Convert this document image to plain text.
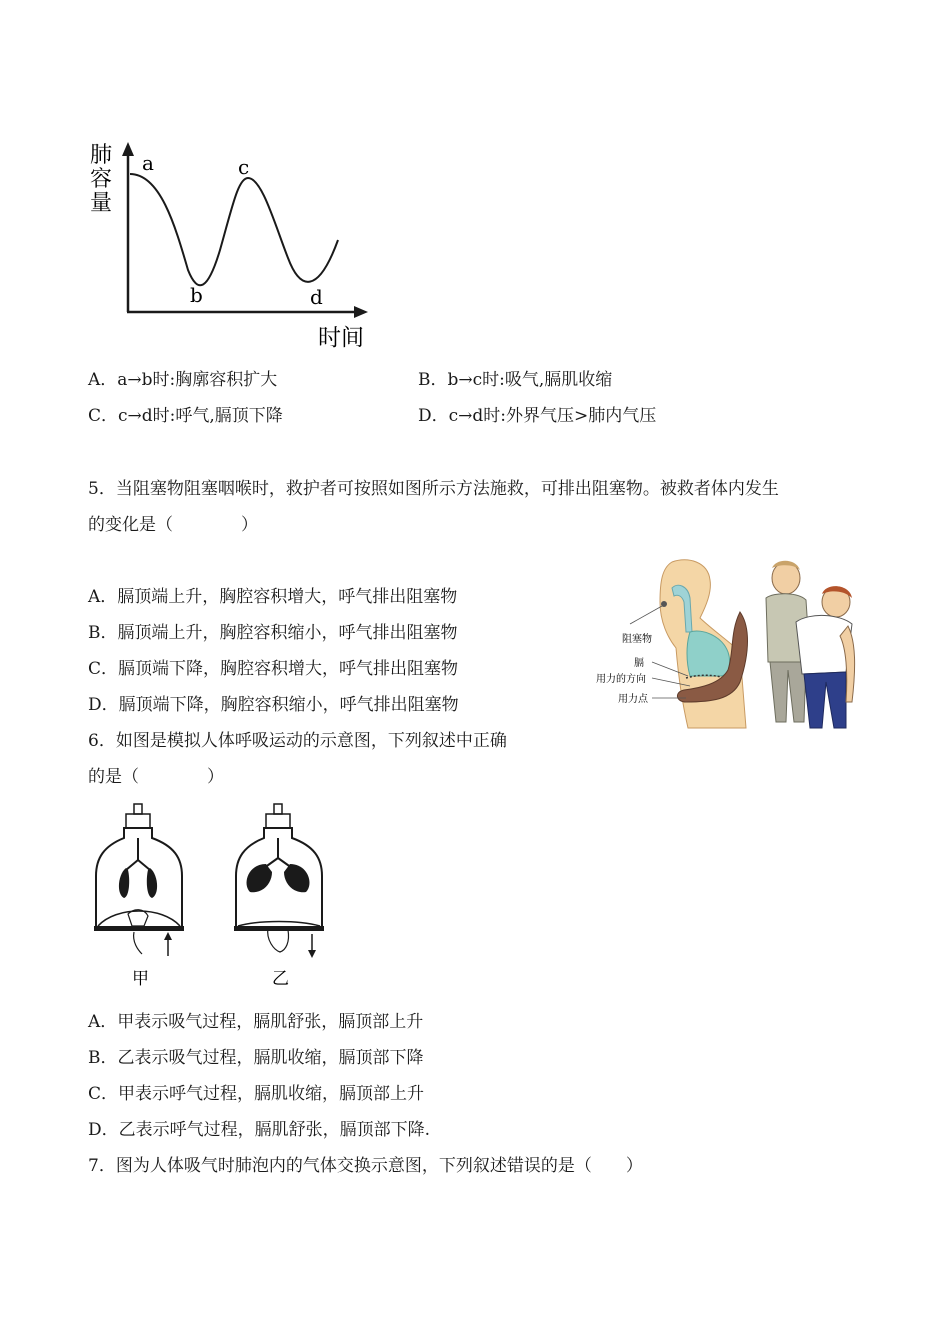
肺
容
量
时间
a
b
c
d
A．a→b时:胸廓容积扩大	B．b→c时:吸气,膈肌收缩
C．c→d时:呼气,膈顶下降	D．c→d时:外界气压>肺内气压
5．当阻塞物阻塞咽喉时，救护者可按照如图所示方法施救，可排出阻塞物。被救者体内发生
的变化是（　　　　）
A．膈顶端上升，胸腔容积增大，呼气排出阻塞物
B．膈顶端上升，胸腔容积缩小，呼气排出阻塞物
C．膈顶端下降，胸腔容积增大，呼气排出阻塞物
D．膈顶端下降，胸腔容积缩小，呼气排出阻塞物
阻塞物
膈
用力的方向
用力点
6．如图是模拟人体呼吸运动的示意图，下列叙述中正确
的是（　　　　）
甲	乙
A．甲表示吸气过程，膈肌舒张，膈顶部上升
B．乙表示吸气过程，膈肌收缩，膈顶部下降
C．甲表示呼气过程，膈肌收缩，膈顶部上升
D．乙表示呼气过程，膈肌舒张，膈顶部下降.
7．图为人体吸气时肺泡内的气体交换示意图，下列叙述错误的是（　　）
